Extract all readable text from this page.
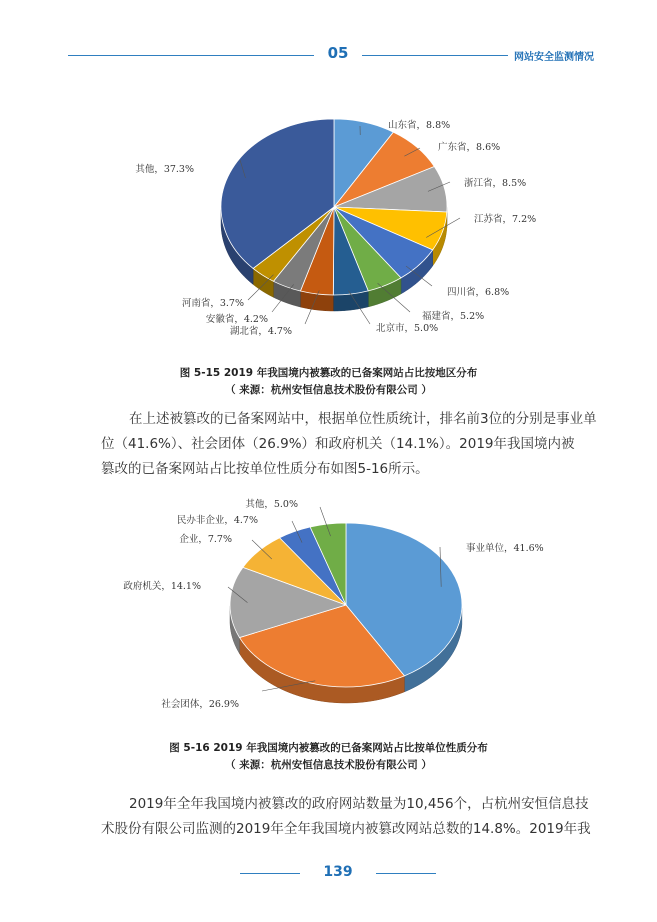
05	网站安全监测情况
山东省，8.8%
广东省，8.6%
浙江省，8.5%
江苏省，7.2%
四川省，6.8%
福建省，5.2%
北京市，5.0%
湖北省，4.7%
安徽省，4.2%
河南省，3.7%
其他，37.3%
图 5-15 2019 年我国境内被篡改的已备案网站占比按地区分布
（ 来源：杭州安恒信息技术股份有限公司 ）
在上述被篡改的已备案网站中，根据单位性质统计，排名前3位的分别是事业单
位（41.6%）、社会团体（26.9%）和政府机关（14.1%）。2019年我国境内被
篡改的已备案网站占比按单位性质分布如图5-16所示。
事业单位，41.6%
社会团体，26.9%
政府机关，14.1%
企业，7.7%
民办非企业，4.7%
其他，5.0%
图 5-16 2019 年我国境内被篡改的已备案网站占比按单位性质分布
（ 来源：杭州安恒信息技术股份有限公司 ）
2019年全年我国境内被篡改的政府网站数量为10,456个，占杭州安恒信息技
术股份有限公司监测的2019年全年我国境内被篡改网站总数的14.8%。2019年我
139
